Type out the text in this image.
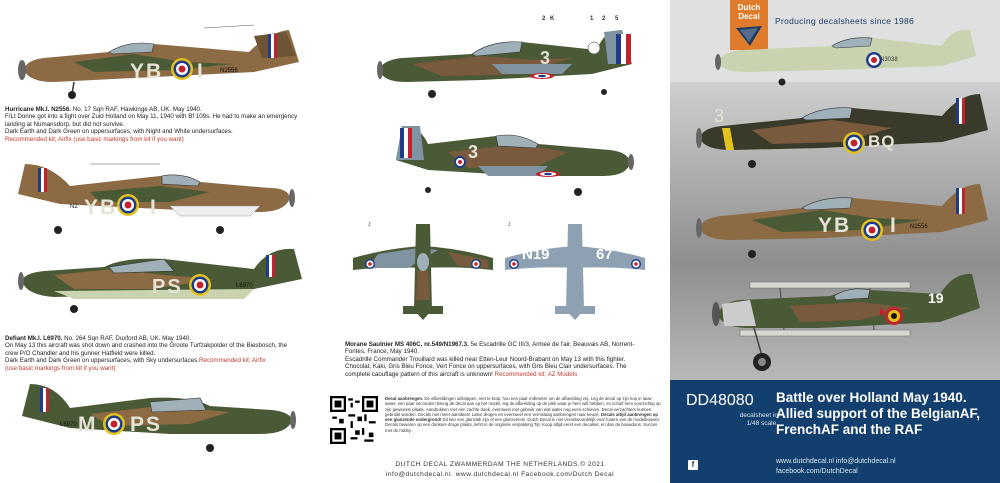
YB I	N2556
Hurricane Mk.I. N2556. No. 17 Sqn RAF, Hawkinge AB, UK. May 1940.
F/Lt Donne got into a fight over Zuid Holland on May 11, 1940 with Bf 109s. He had to make an emergency
landing at Numansdorp, but did not survive.
Dark Earth and Dark Green on uppersurfaces, with Night and White undersurfaces.
Recommended kit; Airfix (use basic markings from kit if you want)
YB I
N2
PS	L6970
Defiant Mk.I. L6970. No. 264 Sqn RAF, Duxford AB, UK. May 1940.
On May 13 this aircraft was shot down and crashed into the Groote Turfzakpolder of the Biesbosch, the
crew P/O Chandler and his gunner Hatfield were killed.
Dark Earth and Dark Green on uppersurfaces, with Sky undersurfaces.Recommended kit; Airfix
(use basic markings from kit if you want)
M PS
L6970
3
2 K	1 2 5
3
J
N19	67
J
Morane Saulnier MS 406C. nr.549/N1967.3. 5e Escadrille GC III/3, Armee de l'air. Beauvais AB, Norrent-
Fontes, France, May 1940.
Escadrille Commander Trouillard was killed near Etten-Leur Noord-Brabant on May 13 with this fighter.
Chocolat, Kaki, Gris Bleu Fonce, Vert Fonce on uppersurfaces, with Gris Bleu Clair undersurfaces. The
complete caouflage pattern of this aircraft is unknown! Recommended kit; AZ Models
Decal aanbrengen. De afbeeldingen uitknippen, niet te krap, hou een paar millimeter om de afbeelding vrij. Leg de decal op zijn kop in lauw water, een paar seconden! Breng de decal aan op het model, leg de afbeelding op de plek waar je hem wilt hebben, en schuif hem voorzichtig op zijn gewenste plaats. Aandrukken met een zachte doek, eventueel met gebruik van wat water nog even schuiven. Decal verzachters kunnen gebruikt worden. Decals niet meer aanraken! Laten drogen en eventueel een vernislaag aanbrengen naar keuze. Decals altijd aanbrengen op een glanzende ondergrond! Dit kan een glanslak zijn of een glansvernis. Dutch Decal is niet verantwoordelijk voor fouten van de modelbouwer. Decals bewaren op een donkere droge plaats, liefst in de originele verpakking Tip: Koop altijd eerst een decalset, en dan de bouwdoos. Succes met de hobby.
DUTCH DECAL ZWAMMERDAM THE NETHERLANDS.© 2021
info@dutchdecal.nl. www.dutchdecal.nl Facebook.com/Dutch Decal
Dutch
Decal	Producing decalsheets since 1986
N3038
3
BQ
YB I N2556
19
DD48080
decalsheet in
1/48 scale.
Battle over Holland May 1940.
Allied support of the BelgianAF,
FrenchAF and the RAF
f	www.dutchdecal.nl info@dutchdecal.nl
facebook.com/DutchDecal
